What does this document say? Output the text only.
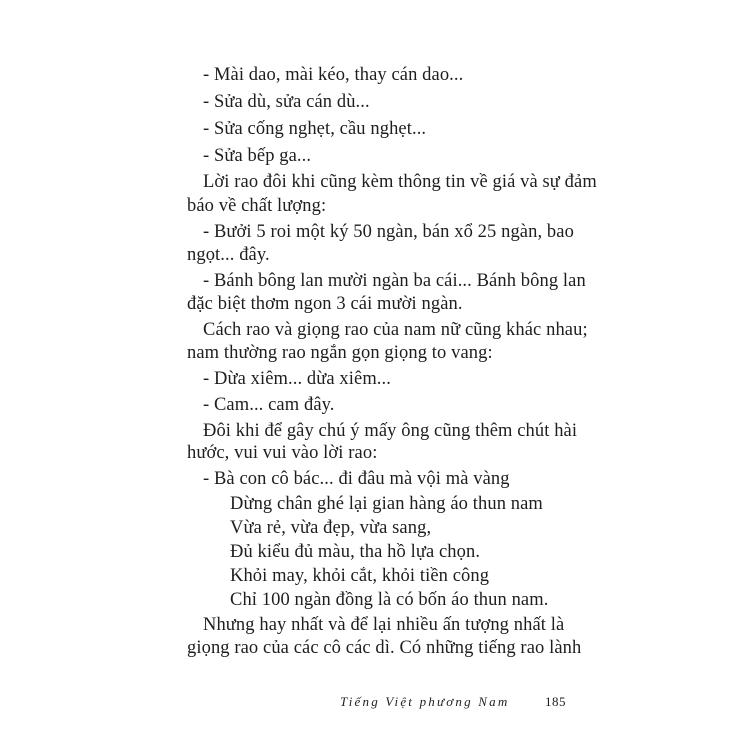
- Mài dao, mài kéo, thay cán dao...
- Sửa dù, sửa cán dù...
- Sửa cống nghẹt, cầu nghẹt...
- Sửa bếp ga...
Lời rao đôi khi cũng kèm thông tin về giá và sự đảm
báo về chất lượng:
- Bưởi 5 roi một ký 50 ngàn, bán xổ 25 ngàn, bao
ngọt... đây.
- Bánh bông lan mười ngàn ba cái... Bánh bông lan
đặc biệt thơm ngon 3 cái mười ngàn.
Cách rao và giọng rao của nam nữ cũng khác nhau;
nam thường rao ngắn gọn giọng to vang:
- Dừa xiêm... dừa xiêm...
- Cam... cam đây.
Đôi khi để gây chú ý mấy ông cũng thêm chút hài
hước, vui vui vào lời rao:
- Bà con cô bác... đi đâu mà vội mà vàng
Dừng chân ghé lại gian hàng áo thun nam
Vừa rẻ, vừa đẹp, vừa sang,
Đủ kiểu đủ màu, tha hồ lựa chọn.
Khỏi may, khỏi cắt, khỏi tiền công
Chỉ 100 ngàn đồng là có bốn áo thun nam.
Nhưng hay nhất và để lại nhiều ấn tượng nhất là
giọng rao của các cô các dì. Có những tiếng rao lành
Tiếng Việt phương Nam	185
